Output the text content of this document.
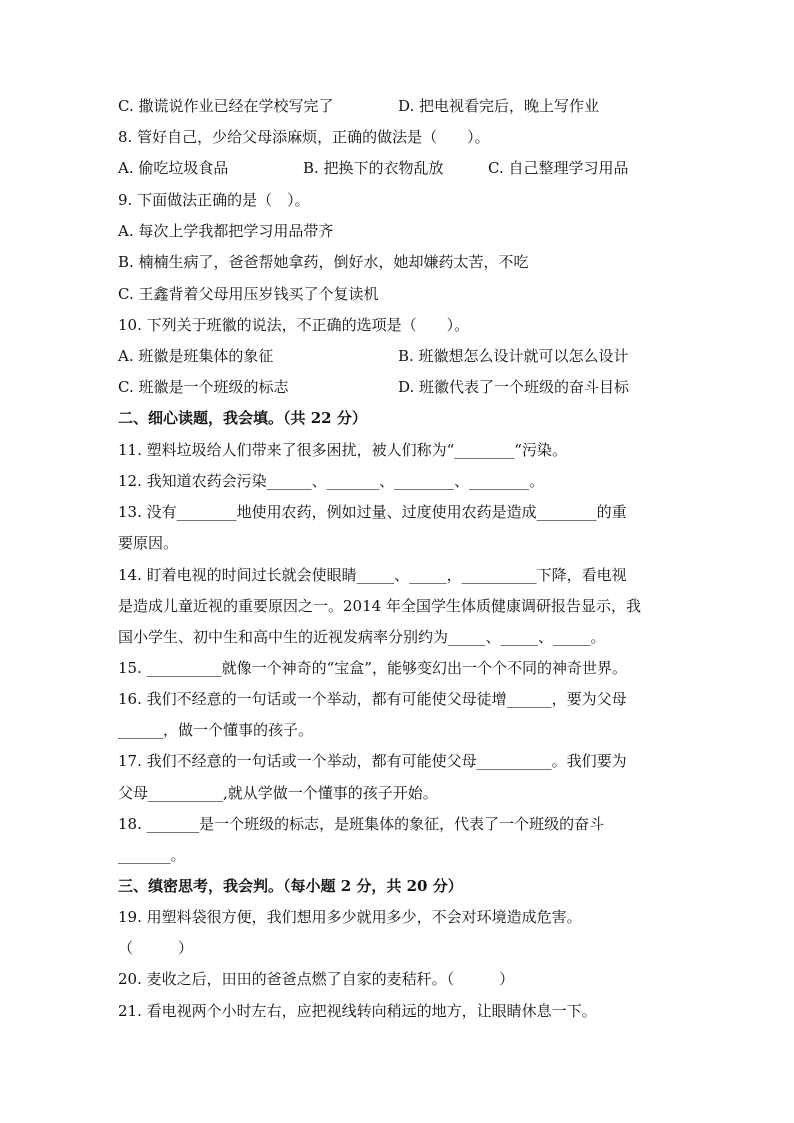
C. 撒谎说作业已经在学校写完了	D. 把电视看完后，晚上写作业
8. 管好自己，少给父母添麻烦，正确的做法是（　　）。
A. 偷吃垃圾食品	B. 把换下的衣物乱放	C. 自己整理学习用品
9. 下面做法正确的是（　）。
A. 每次上学我都把学习用品带齐
B. 楠楠生病了，爸爸帮她拿药，倒好水，她却嫌药太苦，不吃
C. 王鑫背着父母用压岁钱买了个复读机
10. 下列关于班徽的说法，不正确的选项是（　　）。
A. 班徽是班集体的象征	B. 班徽想怎么设计就可以怎么设计
C. 班徽是一个班级的标志	D. 班徽代表了一个班级的奋斗目标
二、细心读题，我会填。（共 22 分）
11. 塑料垃圾给人们带来了很多困扰，被人们称为“________“污染。
12. 我知道农药会污染______、_______、________、________。
13. 没有________地使用农药，例如过量、过度使用农药是造成________的重
要原因。
14. 盯着电视的时间过长就会使眼睛_____、_____，__________下降，看电视
是造成儿童近视的重要原因之一。2014 年全国学生体质健康调研报告显示，我
国小学生、初中生和高中生的近视发病率分别约为_____、_____、_____。
15. __________就像一个神奇的“宝盒”，能够变幻出一个个不同的神奇世界。
16. 我们不经意的一句话或一个举动，都有可能使父母徒增______，要为父母
______，做一个懂事的孩子。
17. 我们不经意的一句话或一个举动，都有可能使父母__________。我们要为
父母__________,就从学做一个懂事的孩子开始。
18. _______是一个班级的标志，是班集体的象征，代表了一个班级的奋斗
_______。
三、缜密思考，我会判。（每小题 2 分，共 20 分）
19. 用塑料袋很方便，我们想用多少就用多少，不会对环境造成危害。
（　　　）
20. 麦收之后，田田的爸爸点燃了自家的麦秸秆。（　　　）
21. 看电视两个小时左右，应把视线转向稍远的地方，让眼睛休息一下。
